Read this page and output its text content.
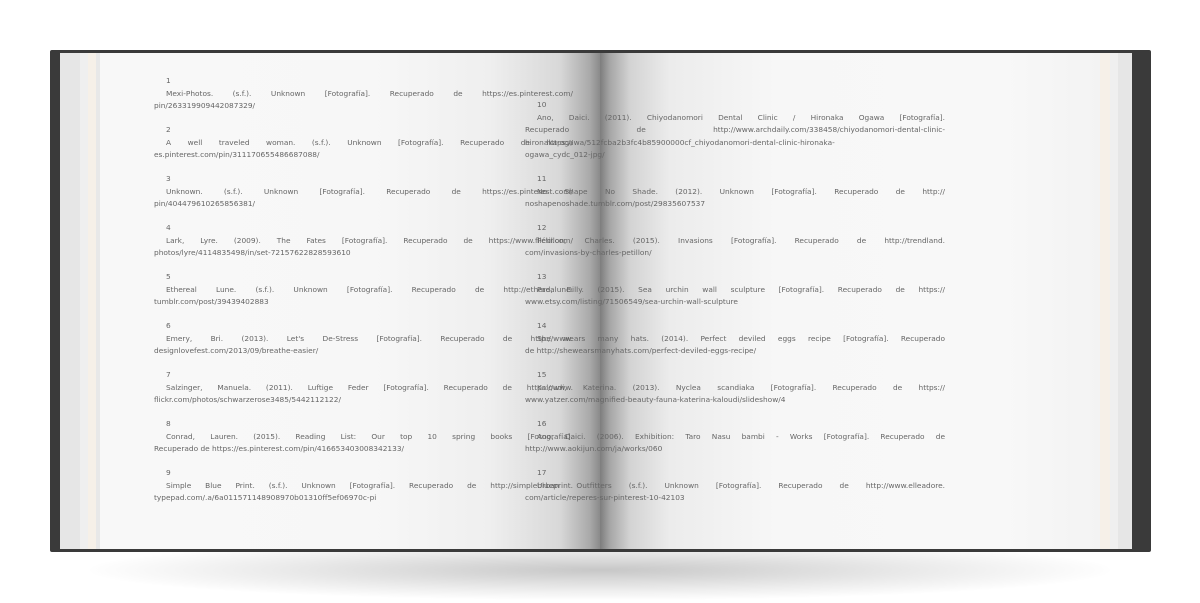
1
Mexi-Photos. (s.f.). Unknown [Fotografía]. Recuperado de https://es.pinterest.com/
pin/263319909442087329/
2
A well traveled woman. (s.f.). Unknown [Fotografía]. Recuperado de https://
es.pinterest.com/pin/311170655486687088/
3
Unknown. (s.f.). Unknown [Fotografía]. Recuperado de https://es.pinterest.com/
pin/404479610265856381/
4
Lark, Lyre. (2009). The Fates [Fotografía]. Recuperado de https://www.flickr.com/
photos/lyre/4114835498/in/set-72157622828593610
5
Ethereal Lune. (s.f.). Unknown [Fotografía]. Recuperado de http://etherealune.
tumblr.com/post/39439402883
6
Emery, Bri. (2013). Let's De-Stress [Fotografía]. Recuperado de http://www.
designlovefest.com/2013/09/breathe-easier/
7
Salzinger, Manuela. (2011). Luftige Feder [Fotografía]. Recuperado de https://www.
flickr.com/photos/schwarzerose3485/5442112122/
8
Conrad, Lauren. (2015). Reading List: Our top 10 spring books [Fotografía].
Recuperado de https://es.pinterest.com/pin/416653403008342133/
9
Simple Blue Print. (s.f.). Unknown [Fotografía]. Recuperado de http://simpleblueprint.
typepad.com/.a/6a011571148908970b01310ff5ef06970c-pi
10
Ano, Daici. (2011). Chiyodanomori Dental Clinic / Hironaka Ogawa [Fotografía].
Recuperado de http://www.archdaily.com/338458/chiyodanomori-dental-clinic-
hironaka-ogawa/512fcba2b3fc4b85900000cf_chiyodanomori-dental-clinic-hironaka-
ogawa_cydc_012-jpg/
11
No Shape No Shade. (2012). Unknown [Fotografía]. Recuperado de http://
noshapenoshade.tumblr.com/post/29835607537
12
Pétillon, Charles. (2015). Invasions [Fotografía]. Recuperado de http://trendland.
com/invasions-by-charles-petillon/
13
Pad, Dilly. (2015). Sea urchin wall sculpture [Fotografía]. Recuperado de https://
www.etsy.com/listing/71506549/sea-urchin-wall-sculpture
14
She wears many hats. (2014). Perfect deviled eggs recipe [Fotografía]. Recuperado
de http://shewearsmanyhats.com/perfect-deviled-eggs-recipe/
15
Kaloudi, Katerina. (2013). Nyclea scandiaka [Fotografía]. Recuperado de https://
www.yatzer.com/magnified-beauty-fauna-katerina-kaloudi/slideshow/4
16
Ano, Daici. (2006). Exhibition: Taro Nasu bambi - Works [Fotografía]. Recuperado de
http://www.aokijun.com/ja/works/060
17
Urban Outfitters (s.f.). Unknown [Fotografía]. Recuperado de http://www.elleadore.
com/article/reperes-sur-pinterest-10-42103
